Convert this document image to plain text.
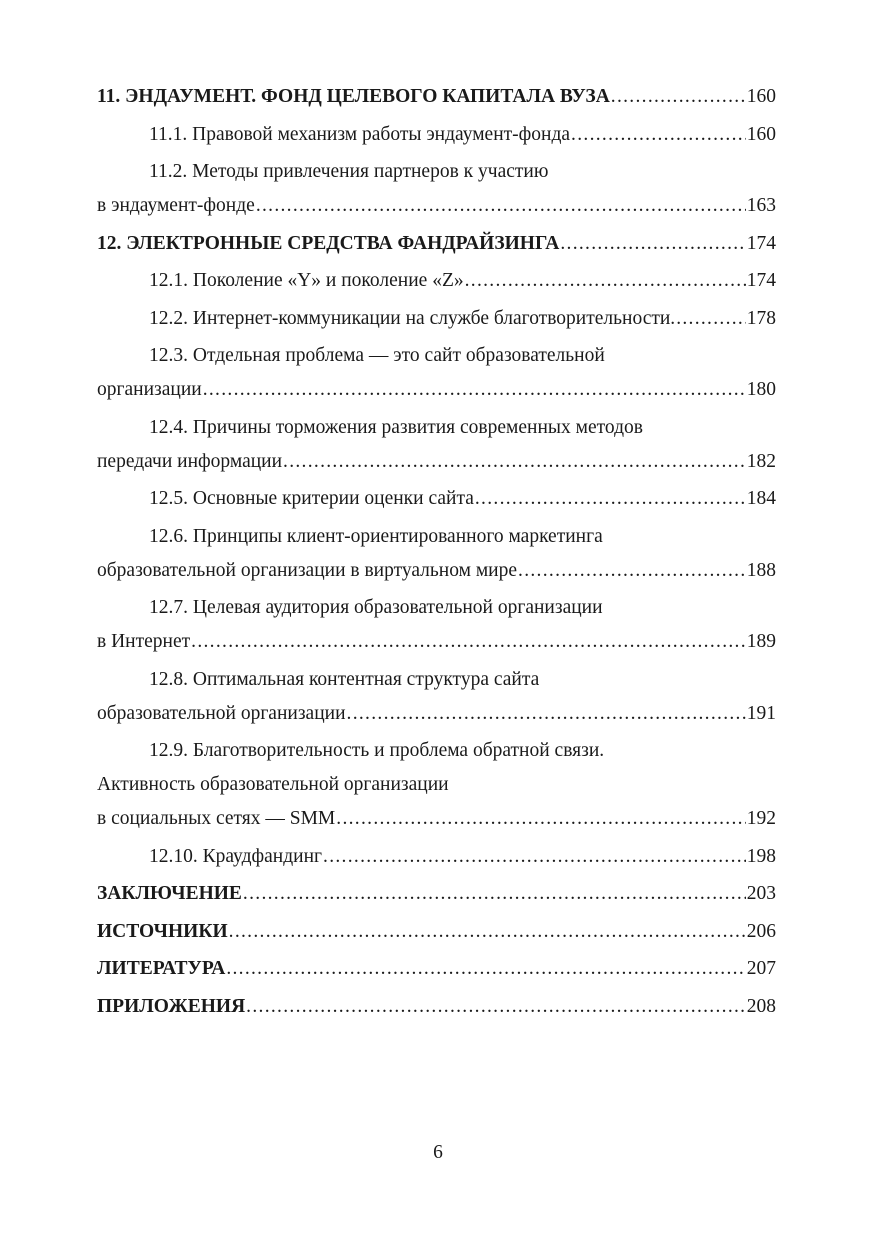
11. ЭНДАУМЕНТ. ФОНД ЦЕЛЕВОГО КАПИТАЛА ВУЗА .....	160
11.1. Правовой механизм работы эндаумент-фонда .....	160
11.2. Методы привлечения партнеров к участию
в эндаумент-фонде .....	163
12. ЭЛЕКТРОННЫЕ СРЕДСТВА ФАНДРАЙЗИНГА .....	174
12.1. Поколение «Y» и поколение «Z» .....	174
12.2. Интернет-коммуникации на службе благотворительности. .....	178
12.3. Отдельная проблема — это сайт образовательной
организации .....	180
12.4. Причины торможения развития современных методов
передачи информации .....	182
12.5. Основные критерии оценки сайта .....	184
12.6. Принципы клиент-ориентированного маркетинга
образовательной организации в виртуальном мире .....	188
12.7. Целевая аудитория образовательной организации
в Интернет .....	189
12.8. Оптимальная контентная структура сайта
образовательной организации .....	191
12.9. Благотворительность и проблема обратной связи.
Активность образовательной организации
в социальных сетях — SMM .....	192
12.10. Краудфандинг .....	198
ЗАКЛЮЧЕНИЕ .....	203
ИСТОЧНИКИ .....	206
ЛИТЕРАТУРА .....	207
ПРИЛОЖЕНИЯ .....	208
6
